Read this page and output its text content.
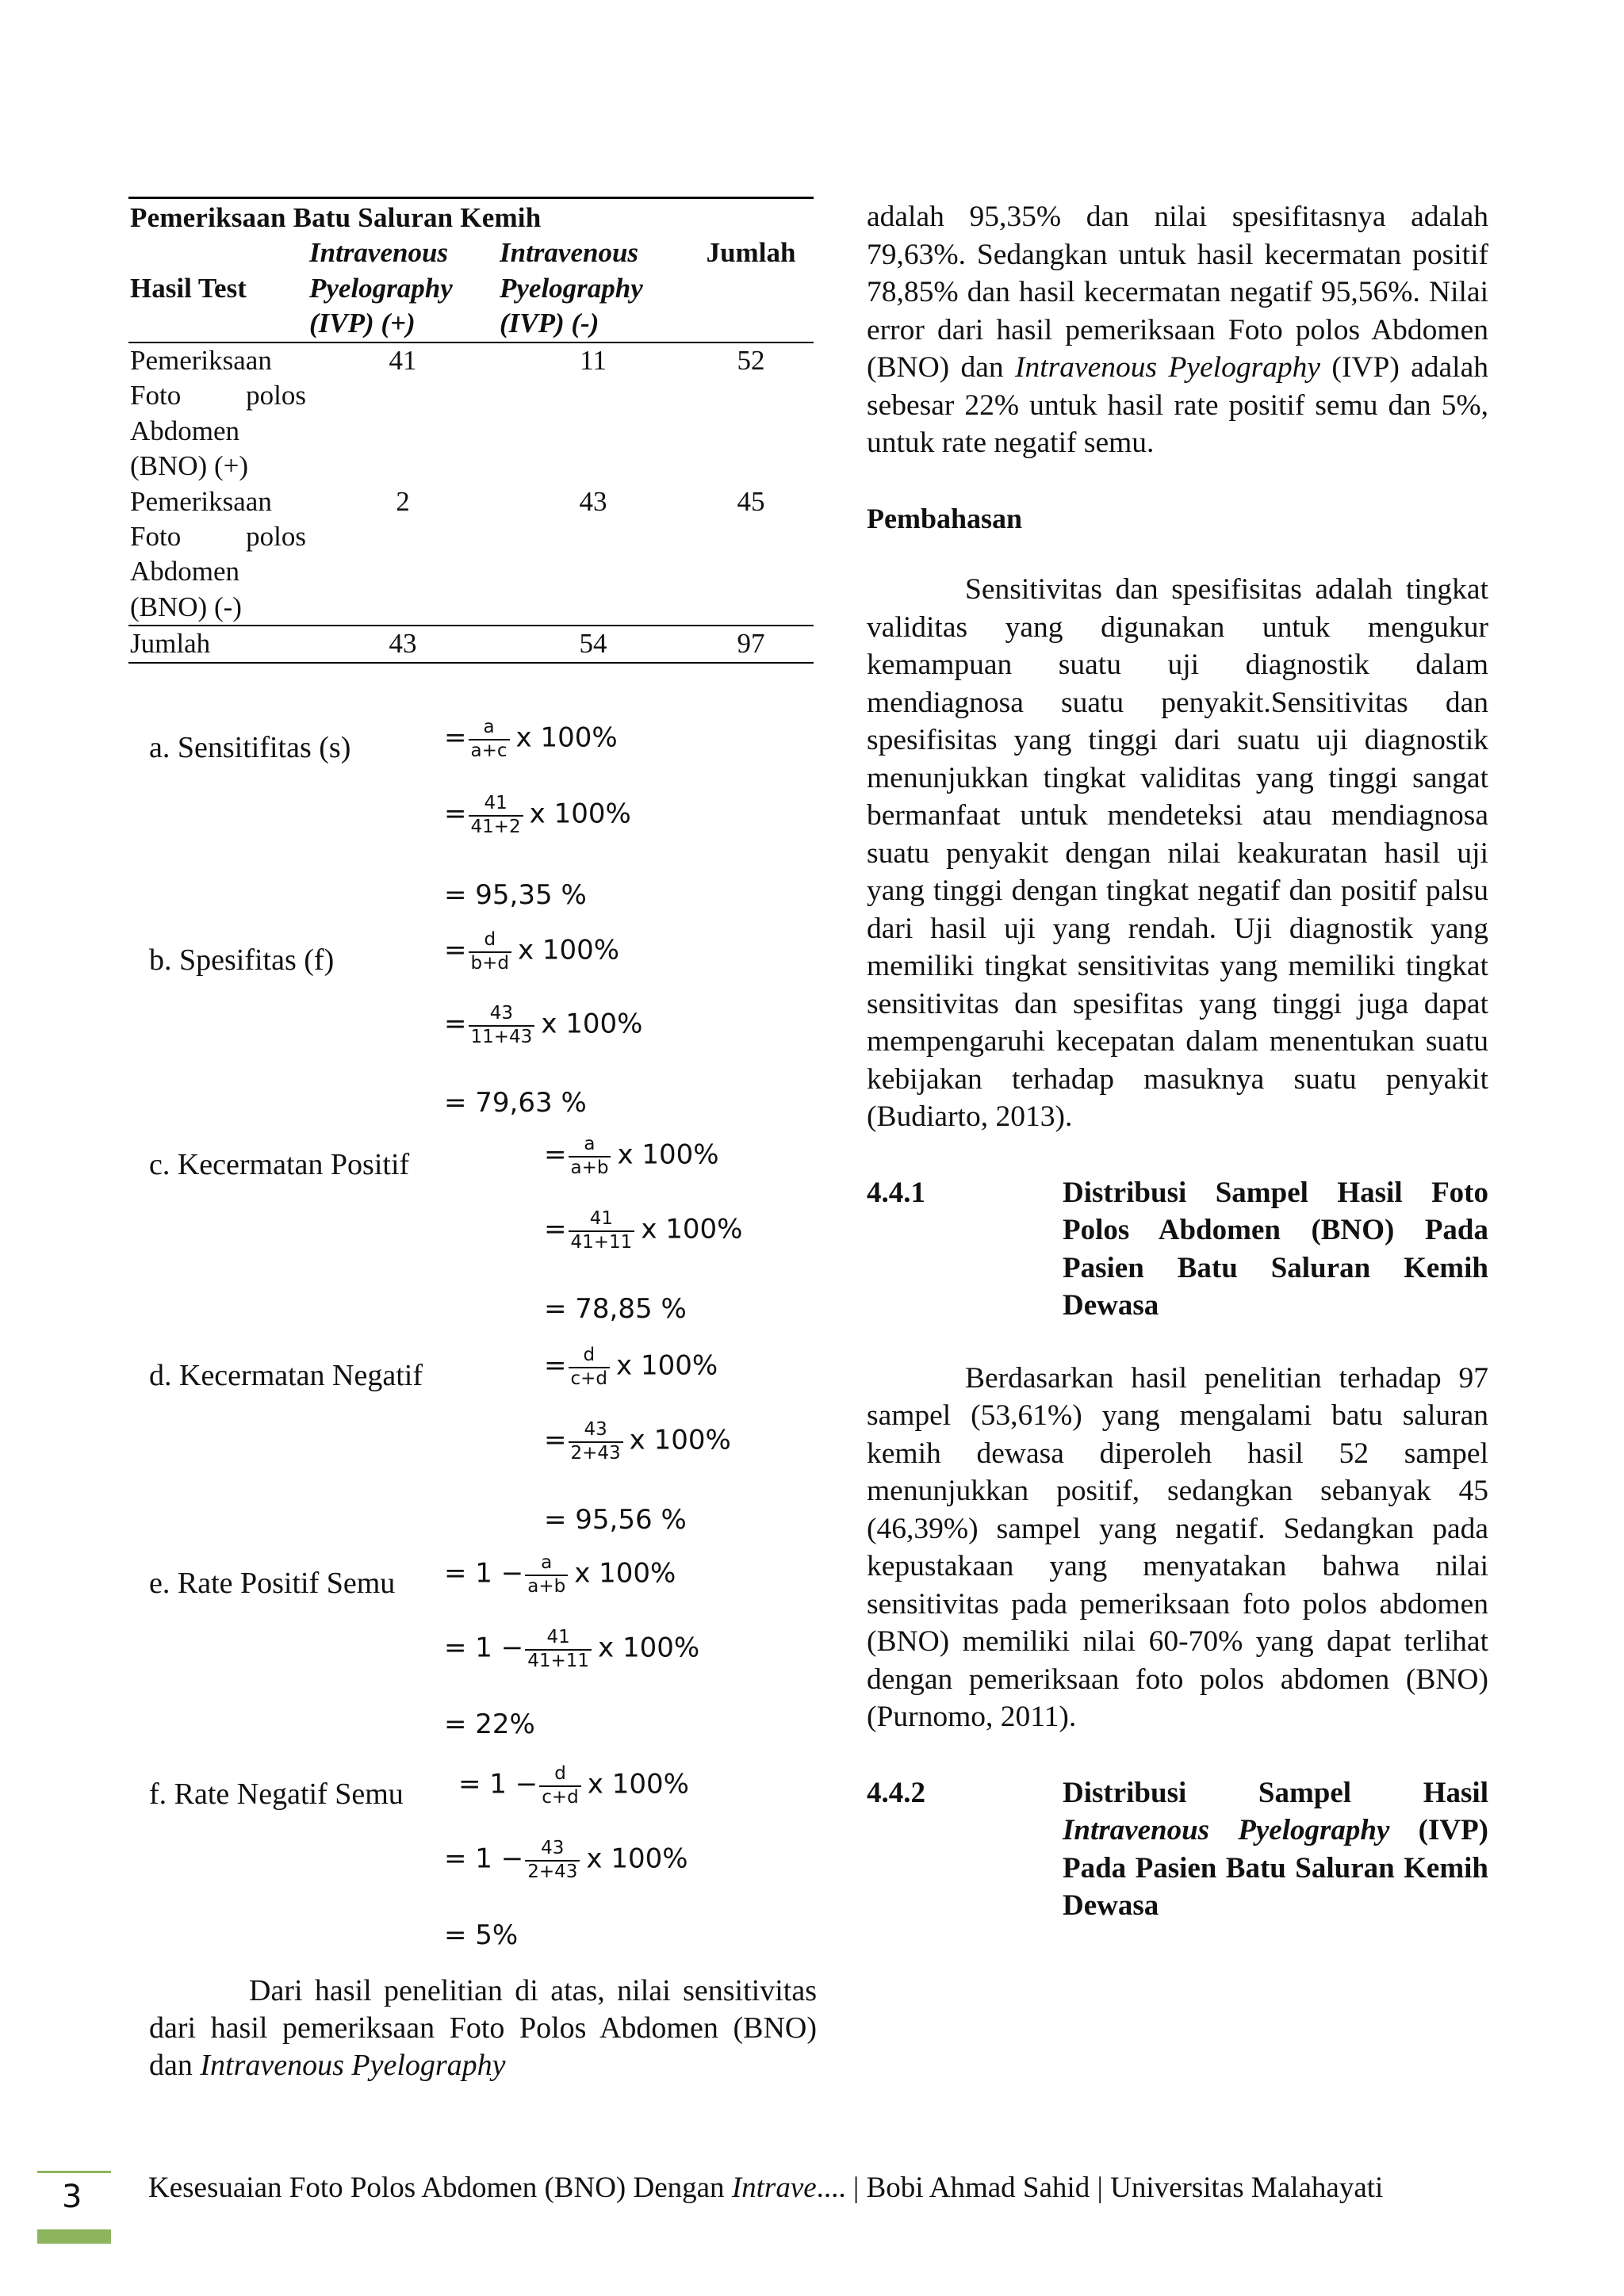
Pemeriksaan Batu Saluran Kemih			
Hasil Test	Intravenous Pyelography (IVP) (+)	Intravenous Pyelography (IVP) (-)	Jumlah
Pemeriksaan Foto polos Abdomen (BNO) (+)	41	11	52
Pemeriksaan Foto polos Abdomen (BNO) (-)	2	43	45
Jumlah	43	54	97
a. Sensitifitas (s)	= $\frac{a}{a+c}$ x 100%
= $\frac{41}{41+2}$ x 100%
= 95,35 %
b. Spesifitas (f)	= $\frac{d}{b+d}$ x 100%
= $\frac{43}{11+43}$ x 100%
= 79,63 %
c. Kecermatan Positif	= $\frac{a}{a+b}$ x 100%
= $\frac{41}{41+11}$ x 100%
= 78,85 %
d. Kecermatan Negatif	= $\frac{d}{c+d}$ x 100%
= $\frac{43}{2+43}$ x 100%
= 95,56 %
e. Rate Positif Semu = $1 - \frac{a}{a+b}$ x 100%
= $1 - \frac{41}{41+11}$ x 100%
= 22%
f. Rate Negatif Semu = $1 - \frac{d}{c+d}$ x 100%
= $1 - \frac{43}{2+43}$ x 100%
= 5%

Dari hasil penelitian di atas, nilai sensitivitas dari hasil pemeriksaan Foto Polos Abdomen (BNO) dan Intravenous Pyelography

adalah 95,35% dan nilai spesifitasnya adalah 79,63%. Sedangkan untuk hasil kecermatan positif 78,85% dan hasil kecermatan negatif 95,56%. Nilai error dari hasil pemeriksaan Foto polos Abdomen (BNO) dan Intravenous Pyelography (IVP) adalah sebesar 22% untuk hasil rate positif semu dan 5%, untuk rate negatif semu.

Pembahasan

Sensitivitas dan spesifisitas adalah tingkat validitas yang digunakan untuk mengukur kemampuan suatu uji diagnostik dalam mendiagnosa suatu penyakit.Sensitivitas dan spesifisitas yang tinggi dari suatu uji diagnostik menunjukkan tingkat validitas yang tinggi sangat bermanfaat untuk mendeteksi atau mendiagnosa suatu penyakit dengan nilai keakuratan hasil uji yang tinggi dengan tingkat negatif dan positif palsu dari hasil uji yang rendah. Uji diagnostik yang memiliki tingkat sensitivitas yang memiliki tingkat sensitivitas dan spesifitas yang tinggi juga dapat mempengaruhi kecepatan dalam menentukan suatu kebijakan terhadap masuknya suatu penyakit (Budiarto, 2013).

4.4.1	Distribusi Sampel Hasil Foto Polos Abdomen (BNO) Pada Pasien Batu Saluran Kemih Dewasa

Berdasarkan hasil penelitian terhadap 97 sampel (53,61%) yang mengalami batu saluran kemih dewasa diperoleh hasil 52 sampel menunjukkan positif, sedangkan sebanyak 45 (46,39%) sampel yang negatif. Sedangkan pada kepustakaan yang menyatakan bahwa nilai sensitivitas pada pemeriksaan foto polos abdomen (BNO) memiliki nilai 60-70% yang dapat terlihat dengan pemeriksaan foto polos abdomen (BNO) (Purnomo, 2011).

4.4.2	Distribusi Sampel Hasil Intravenous Pyelography (IVP) Pada Pasien Batu Saluran Kemih Dewasa
3 Kesesuaian Foto Polos Abdomen (BNO) Dengan Intrave.... | Bobi Ahmad Sahid | Universitas Malahayati
